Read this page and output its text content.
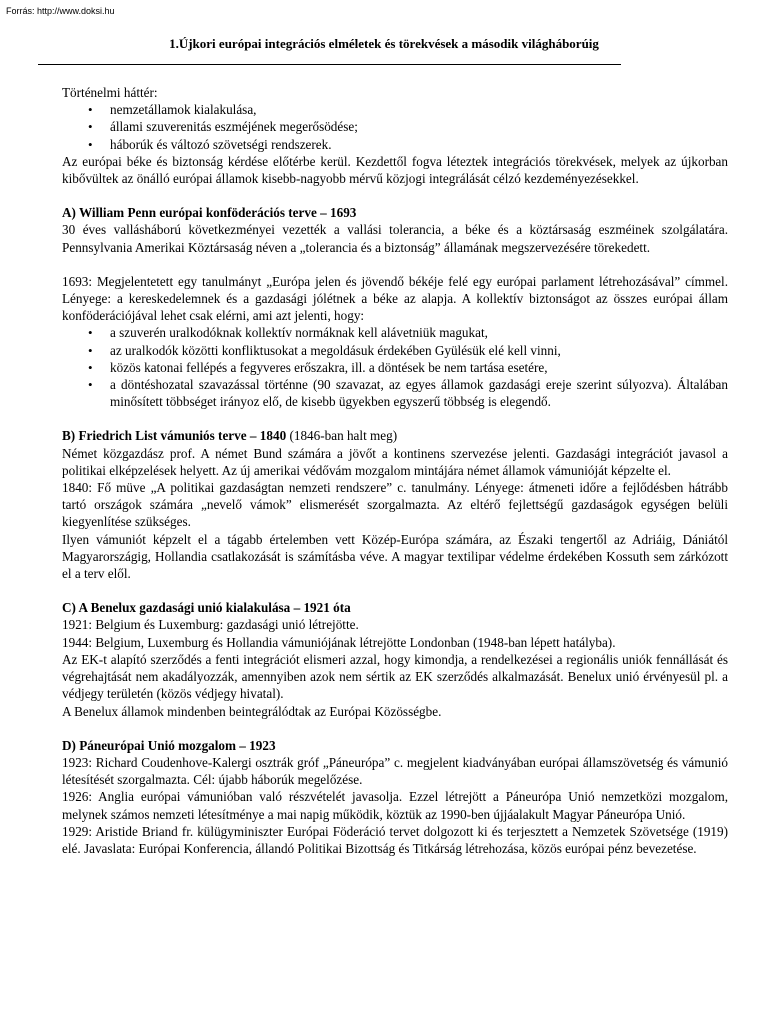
Forrás: http://www.doksi.hu
1.Újkori európai integrációs elméletek és törekvések a második világháborúig

Történelmi háttér:

• nemzetállamok kialakulása,
• állami szuverenitás eszméjének megerősödése;
• háborúk és változó szövetségi rendszerek.

Az európai béke és biztonság kérdése előtérbe kerül. Kezdettől fogva léteztek integrációs törekvések, melyek az újkorban kibővültek az önálló európai államok kisebb-nagyobb mérvű közjogi integrálását célzó kezdeményezésekkel.

A) William Penn európai konföderációs terve – 1693

30 éves vallásháború következményei vezették a vallási tolerancia, a béke és a köztársaság eszméinek szolgálatára. Pennsylvania Amerikai Köztársaság néven a „tolerancia és a biztonság” államának megszervezésére törekedett.

1693: Megjelentetett egy tanulmányt „Európa jelen és jövendő békéje felé egy európai parlament létrehozásával” címmel. Lényege: a kereskedelemnek és a gazdasági jólétnek a béke az alapja. A kollektív biztonságot az összes európai állam konföderációjával lehet csak elérni, ami azt jelenti, hogy:

• a szuverén uralkodóknak kollektív normáknak kell alávetniük magukat,
• az uralkodók közötti konfliktusokat a megoldásuk érdekében Gyülésük elé kell vinni,
• közös katonai fellépés a fegyveres erőszakra, ill. a döntések be nem tartása esetére,
• a döntéshozatal szavazással történne (90 szavazat, az egyes államok gazdasági ereje szerint súlyozva). Általában minősített többséget irányoz elő, de kisebb ügyekben egyszerű többség is elegendő.
B) Friedrich List vámuniós terve – 1840 (1846-ban halt meg)

Német közgazdász prof. A német Bund számára a jövőt a kontinens szervezése jelenti. Gazdasági integrációt javasol a politikai elképzelések helyett. Az új amerikai védővám mozgalom mintájára német államok vámunióját képzelte el.

1840: Fő müve „A politikai gazdaságtan nemzeti rendszere” c. tanulmány. Lényege: átmeneti időre a fejlődésben hátrább tartó országok számára „nevelő vámok” elismerését szorgalmazta. Az eltérő fejlettségű gazdaságok egységen belüli kiegyenlítése szükséges.

Ilyen vámuniót képzelt el a tágabb értelemben vett Közép-Európa számára, az Északi tengertől az Adriáig, Dániától Magyarországig, Hollandia csatlakozását is számításba véve. A magyar textilipar védelme érdekében Kossuth sem zárkózott el a terv elől.

C) A Benelux gazdasági unió kialakulása – 1921 óta

1921: Belgium és Luxemburg: gazdasági unió létrejötte.

1944: Belgium, Luxemburg és Hollandia vámuniójának létrejötte Londonban (1948-ban lépett hatályba).

Az EK-t alapító szerződés a fenti integrációt elismeri azzal, hogy kimondja, a rendelkezései a regionális uniók fennállását és végrehajtását nem akadályozzák, amennyiben azok nem sértik az EK szerződés alkalmazását. Benelux unió érvényesül pl. a védjegy területén (közös védjegy hivatal).

A Benelux államok mindenben beintegrálódtak az Európai Közösségbe.

D) Páneurópai Unió mozgalom – 1923

1923: Richard Coudenhove-Kalergi osztrák gróf „Páneurópa” c. megjelent kiadványában európai államszövetség és vámunió létesítését szorgalmazta. Cél: újabb háborúk megelőzése.

1926: Anglia európai vámunióban való részvételét javasolja. Ezzel létrejött a Páneurópa Unió nemzetközi mozgalom, melynek számos nemzeti létesítménye a mai napig működik, köztük az 1990-ben újjáalakult Magyar Páneurópa Unió.

1929: Aristide Briand fr. külügyminiszter Európai Föderáció tervet dolgozott ki és terjesztett a Nemzetek Szövetsége (1919) elé. Javaslata: Európai Konferencia, állandó Politikai Bizottság és Titkárság létrehozása, közös európai pénz bevezetése.
